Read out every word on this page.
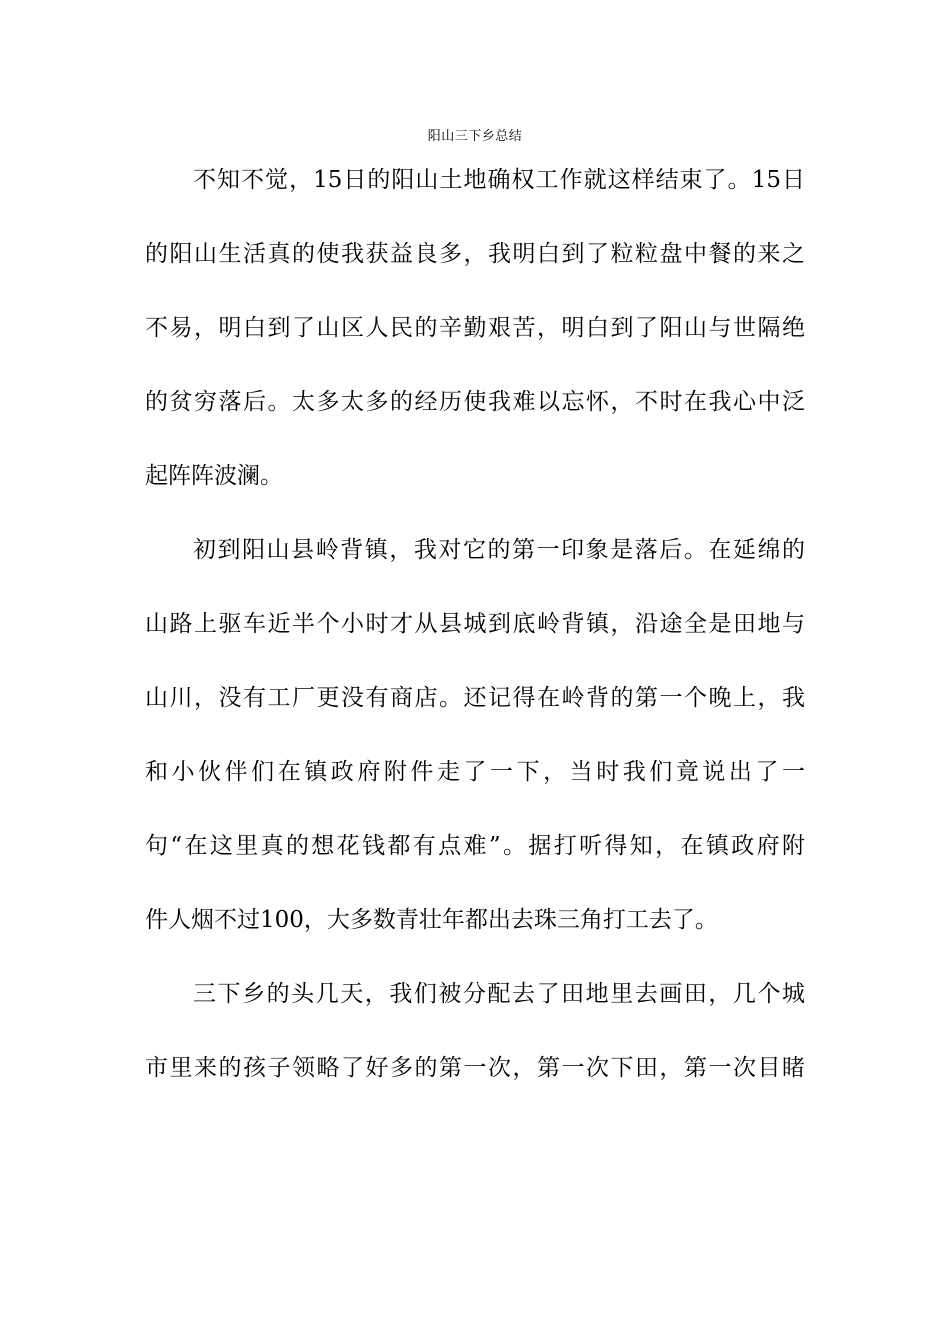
阳山三下乡总结
不知不觉，15日的阳山土地确权工作就这样结束了。15日
的阳山生活真的使我获益良多，我明白到了粒粒盘中餐的来之
不易，明白到了山区人民的辛勤艰苦，明白到了阳山与世隔绝
的贫穷落后。太多太多的经历使我难以忘怀，不时在我心中泛
起阵阵波澜。
初到阳山县岭背镇，我对它的第一印象是落后。在延绵的
山路上驱车近半个小时才从县城到底岭背镇，沿途全是田地与
山川，没有工厂更没有商店。还记得在岭背的第一个晚上，我
和小伙伴们在镇政府附件走了一下，当时我们竟说出了一
句“在这里真的想花钱都有点难”。据打听得知，在镇政府附
件人烟不过100，大多数青壮年都出去珠三角打工去了。
三下乡的头几天，我们被分配去了田地里去画田，几个城
市里来的孩子领略了好多的第一次，第一次下田，第一次目睹
